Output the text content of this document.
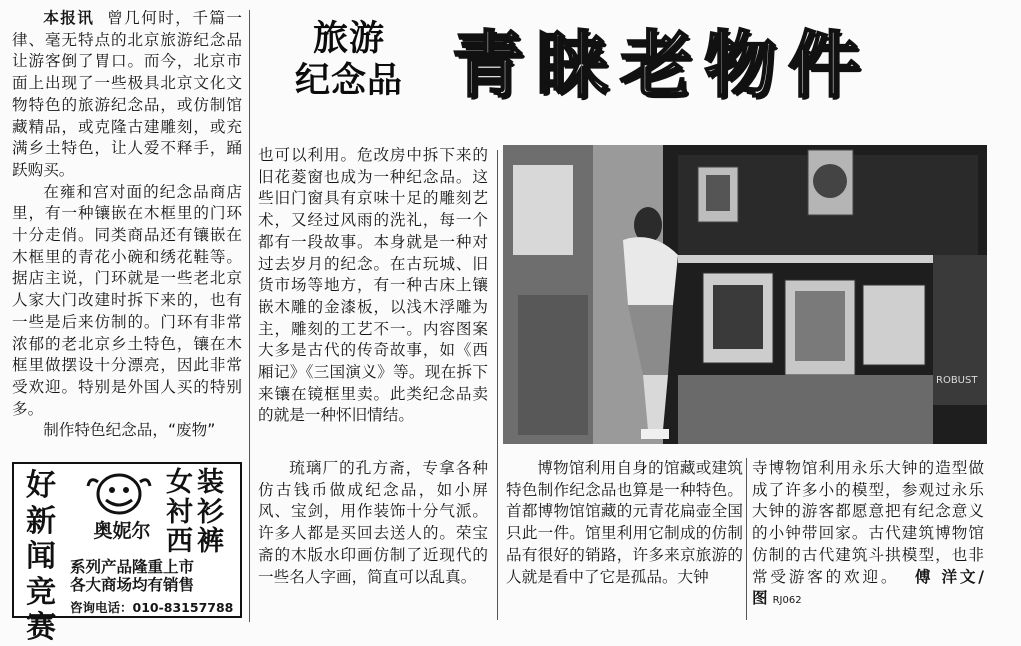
本报讯 曾几何时，千篇一律、毫无特点的北京旅游纪念品让游客倒了胃口。而今，北京市面上出现了一些极具北京文化文物特色的旅游纪念品，或仿制馆藏精品，或克隆古建雕刻，或充满乡土特色，让人爱不释手，踊跃购买。

在雍和宫对面的纪念品商店里，有一种镶嵌在木框里的门环十分走俏。同类商品还有镶嵌在木框里的青花小碗和绣花鞋等。据店主说，门环就是一些老北京人家大门改建时拆下来的，也有一些是后来仿制的。门环有非常浓郁的老北京乡土特色，镶在木框里做摆设十分漂亮，因此非常受欢迎。特别是外国人买的特别多。

制作特色纪念品，“废物”

旅游
纪念品 青睐老物件

也可以利用。危改房中拆下来的旧花菱窗也成为一种纪念品。这些旧门窗具有京味十足的雕刻艺术，又经过风雨的洗礼，每一个都有一段故事。本身就是一种对过去岁月的纪念。在古玩城、旧货市场等地方，有一种古床上镶嵌木雕的金漆板，以浅木浮雕为主，雕刻的工艺不一。内容图案大多是古代的传奇故事，如《西厢记》《三国演义》等。现在拆下来镶在镜框里卖。此类纪念品卖的就是一种怀旧情结。

ROBUST
好
新
闻
竞
赛
奥妮尔
女装
衬衫
西裤
系列产品隆重上市
各大商场均有销售
咨询电话：010-83157788

琉璃厂的孔方斋，专拿各种仿古钱币做成纪念品，如小屏风、宝剑，用作装饰十分气派。许多人都是买回去送人的。荣宝斋的木版水印画仿制了近现代的一些名人字画，简直可以乱真。

博物馆利用自身的馆藏或建筑特色制作纪念品也算是一种特色。首都博物馆馆藏的元青花扁壶全国只此一件。馆里利用它制成的仿制品有很好的销路，许多来京旅游的人就是看中了它是孤品。大钟

寺博物馆利用永乐大钟的造型做成了许多小的模型，参观过永乐大钟的游客都愿意把有纪念意义的小钟带回家。古代建筑博物馆仿制的古代建筑斗拱模型，也非常受游客的欢迎。 傅 洋文/图 RJ062
